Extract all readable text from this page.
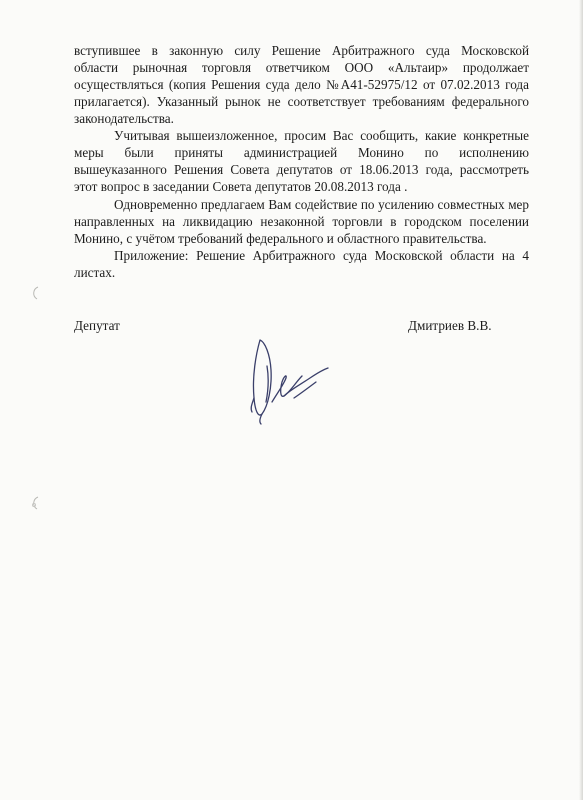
вступившее в законную силу Решение Арбитражного суда Московской
области рыночная торговля ответчиком ООО «Альтаир» продолжает
осуществляться (копия Решения суда дело №А41-52975/12 от 07.02.2013 года
прилагается). Указанный рынок не соответствует требованиям федерального
законодательства.
Учитывая вышеизложенное, просим Вас сообщить, какие конкретные
меры были приняты администрацией Монино по исполнению
вышеуказанного Решения Совета депутатов от 18.06.2013 года, рассмотреть
этот вопрос в заседании Совета депутатов 20.08.2013 года .
Одновременно предлагаем Вам содействие по усилению совместных мер
направленных на ликвидацию незаконной торговли в городском поселении
Монино, с учётом требований федерального и областного правительства.
Приложение: Решение Арбитражного суда Московской области на 4
листах.
Депутат	Дмитриев В.В.
